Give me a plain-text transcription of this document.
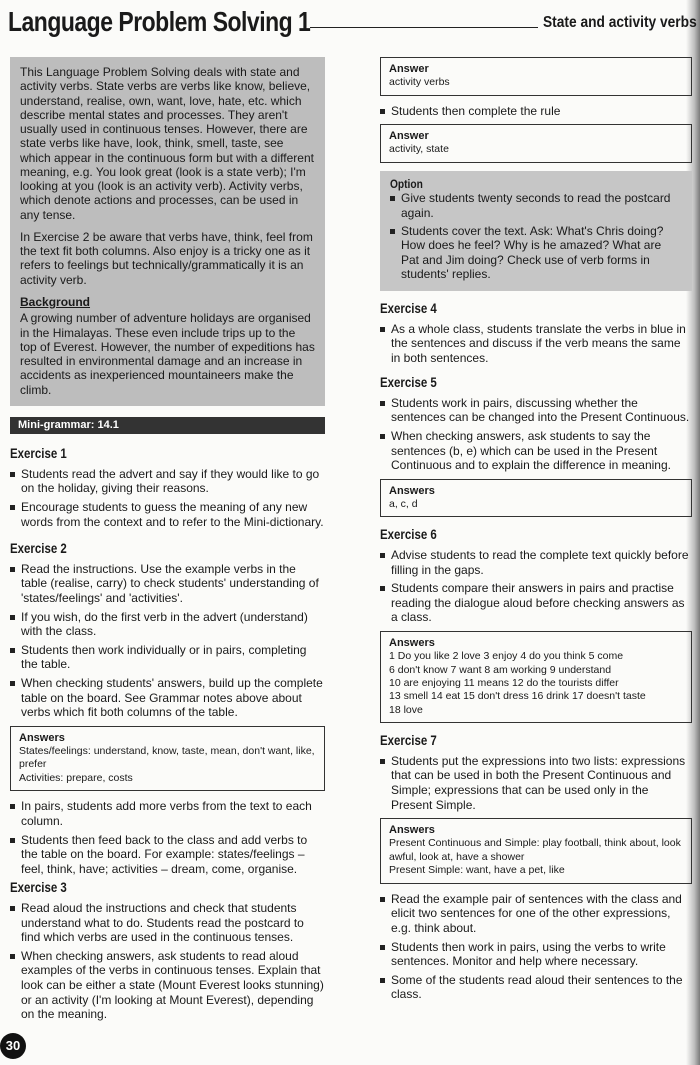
Language Problem Solving 1	State and activity verbs

This Language Problem Solving deals with state and activity verbs. State verbs are verbs like know, believe, understand, realise, own, want, love, hate, etc. which describe mental states and processes. They aren't usually used in continuous tenses. However, there are state verbs like have, look, think, smell, taste, see which appear in the continuous form but with a different meaning, e.g. You look great (look is a state verb); I'm looking at you (look is an activity verb). Activity verbs, which denote actions and processes, can be used in any tense.

In Exercise 2 be aware that verbs have, think, feel from the text fit both columns. Also enjoy is a tricky one as it refers to feelings but technically/grammatically it is an activity verb.

Background

A growing number of adventure holidays are organised in the Himalayas. These even include trips up to the top of Everest. However, the number of expeditions has resulted in environmental damage and an increase in accidents as inexperienced mountaineers make the climb.

Mini-grammar: 14.1
Exercise 1
Students read the advert and say if they would like to go on the holiday, giving their reasons.
Encourage students to guess the meaning of any new words from the context and to refer to the Mini-dictionary.
Exercise 2
Read the instructions. Use the example verbs in the table (realise, carry) to check students' understanding of 'states/feelings' and 'activities'.
If you wish, do the first verb in the advert (understand) with the class.
Students then work individually or in pairs, completing the table.
When checking students' answers, build up the complete table on the board. See Grammar notes above about verbs which fit both columns of the table.
Answers
States/feelings: understand, know, taste, mean, don't want, like, prefer
Activities: prepare, costs
In pairs, students add more verbs from the text to each column.
Students then feed back to the class and add verbs to the table on the board. For example: states/feelings – feel, think, have; activities – dream, come, organise.
Exercise 3
Read aloud the instructions and check that students understand what to do. Students read the postcard to find which verbs are used in the continuous tenses.
When checking answers, ask students to read aloud examples of the verbs in continuous tenses. Explain that look can be either a state (Mount Everest looks stunning) or an activity (I'm looking at Mount Everest), depending on the meaning.
Answer
activity verbs
Students then complete the rule
Answer
activity, state
Option
Give students twenty seconds to read the postcard again.
Students cover the text. Ask: What's Chris doing? How does he feel? Why is he amazed? What are Pat and Jim doing? Check use of verb forms in students' replies.
Exercise 4
As a whole class, students translate the verbs in blue in the sentences and discuss if the verb means the same in both sentences.
Exercise 5
Students work in pairs, discussing whether the sentences can be changed into the Present Continuous.
When checking answers, ask students to say the sentences (b, e) which can be used in the Present Continuous and to explain the difference in meaning.
Answers
a, c, d
Exercise 6
Advise students to read the complete text quickly before filling in the gaps.
Students compare their answers in pairs and practise reading the dialogue aloud before checking answers as a class.
Answers
1 Do you like 2 love 3 enjoy 4 do you think 5 come
6 don't know 7 want 8 am working 9 understand
10 are enjoying 11 means 12 do the tourists differ
13 smell 14 eat 15 don't dress 16 drink 17 doesn't taste
18 love
Exercise 7
Students put the expressions into two lists: expressions that can be used in both the Present Continuous and Simple; expressions that can be used only in the Present Simple.
Answers
Present Continuous and Simple: play football, think about, look awful, look at, have a shower
Present Simple: want, have a pet, like
Read the example pair of sentences with the class and elicit two sentences for one of the other expressions, e.g. think about.
Students then work in pairs, using the verbs to write sentences. Monitor and help where necessary.
Some of the students read aloud their sentences to the class.
30
